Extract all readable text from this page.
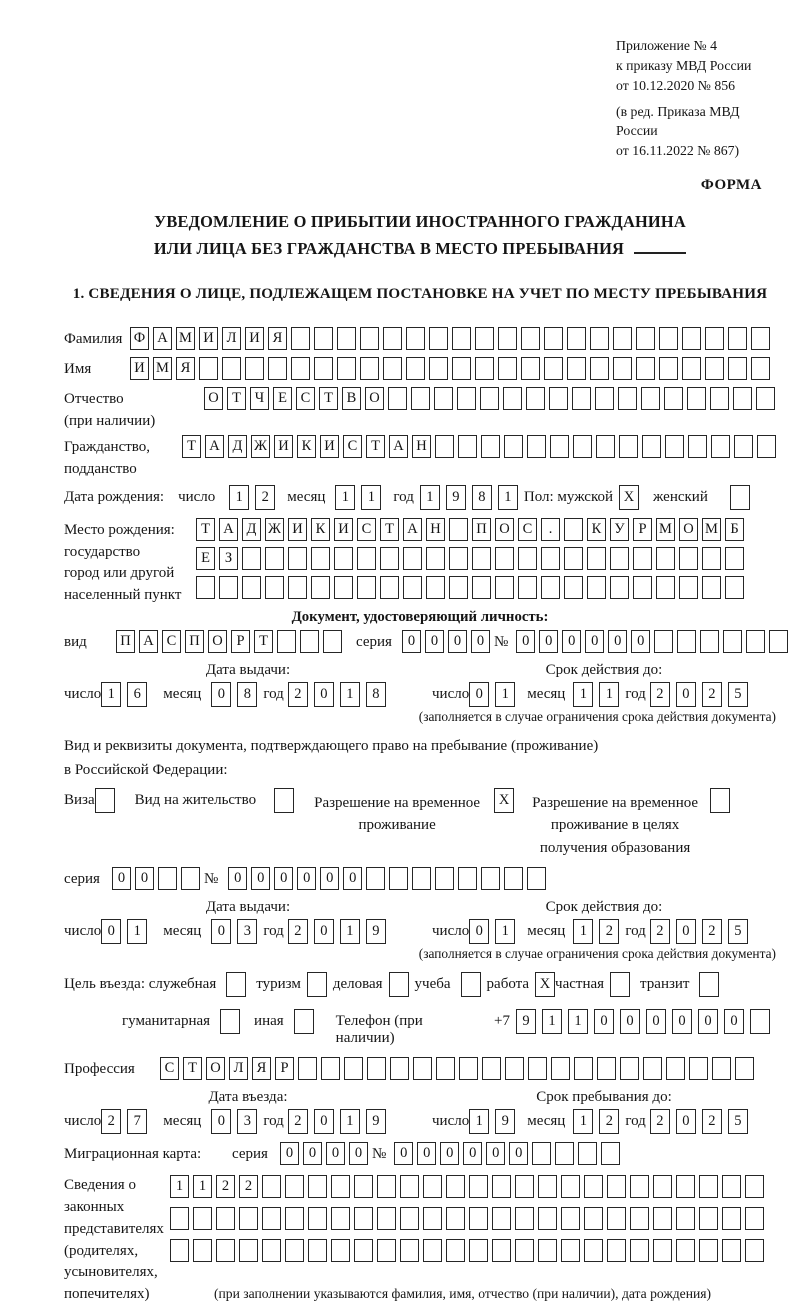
Приложение № 4
к приказу МВД России
от 10.12.2020 № 856
(в ред. Приказа МВД России
от 16.11.2022 № 867)
ФОРМА
УВЕДОМЛЕНИЕ О ПРИБЫТИИ ИНОСТРАННОГО ГРАЖДАНИНА
ИЛИ ЛИЦА БЕЗ ГРАЖДАНСТВА В МЕСТО ПРЕБЫВАНИЯ
1. СВЕДЕНИЯ О ЛИЦЕ, ПОДЛЕЖАЩЕМ ПОСТАНОВКЕ НА УЧЕТ ПО МЕСТУ ПРЕБЫВАНИЯ
Фамилия Ф А М И Л И Я
Имя	И М Я
Отчество
(при наличии)
О Т Ч Е С Т В О
Гражданство,
подданство
Т А Д Ж И К И С Т А Н
Дата рождения: число	1 2	месяц	1 1	год 1 9 8 1 Пол: мужской X	женский
Место рождения:
государство
город или другой
населенный пункт
Т А Д Ж И К И С Т А Н П О С .	К У Р М О М Б
Е З
Документ, удостоверяющий личность:
вид	П А С П О Р Т	серия	0 0 0 0 № 0 0 0 0 0 0
Дата выдачи:
число 1 6	месяц	0 8 год 2 0 1 8
Срок действия до:
число 0 1	месяц 1 1 год 2 0 2 5
(заполняется в случае ограничения срока действия документа)
Вид и реквизиты документа, подтверждающего право на пребывание (проживание)
в Российской Федерации:
Виза	Вид на жительство	Разрешение на временное
проживание
X	Разрешение на временное
проживание в целях
получения образования
серия	0 0	№	0 0 0 0 0 0
Дата выдачи:
число 0 1	месяц	0 3 год 2 0 1 9
Срок действия до:
число 0 1	месяц 1 2 год 2 0 2 5
(заполняется в случае ограничения срока действия документа)
Цель въезда: служебная	туризм деловая учеба работа X частная транзит
гуманитарная	иная	Телефон (при наличии)
+7 9 1 1 0 0 0 0 0 0
Профессия	С Т О Л Я Р
Дата въезда:
число 2 7	месяц	0 3 год 2 0 1 9
Срок пребывания до:
число 1 9	месяц 1 2 год 2 0 2 5
Миграционная карта:	серия	0 0 0 0 № 0 0 0 0 0 0
Сведения о
законных
представителях
(родителях,
усыновителях,
попечителях)
1 1 2 2
(при заполнении указываются фамилия, имя, отчество (при наличии), дата рождения)
